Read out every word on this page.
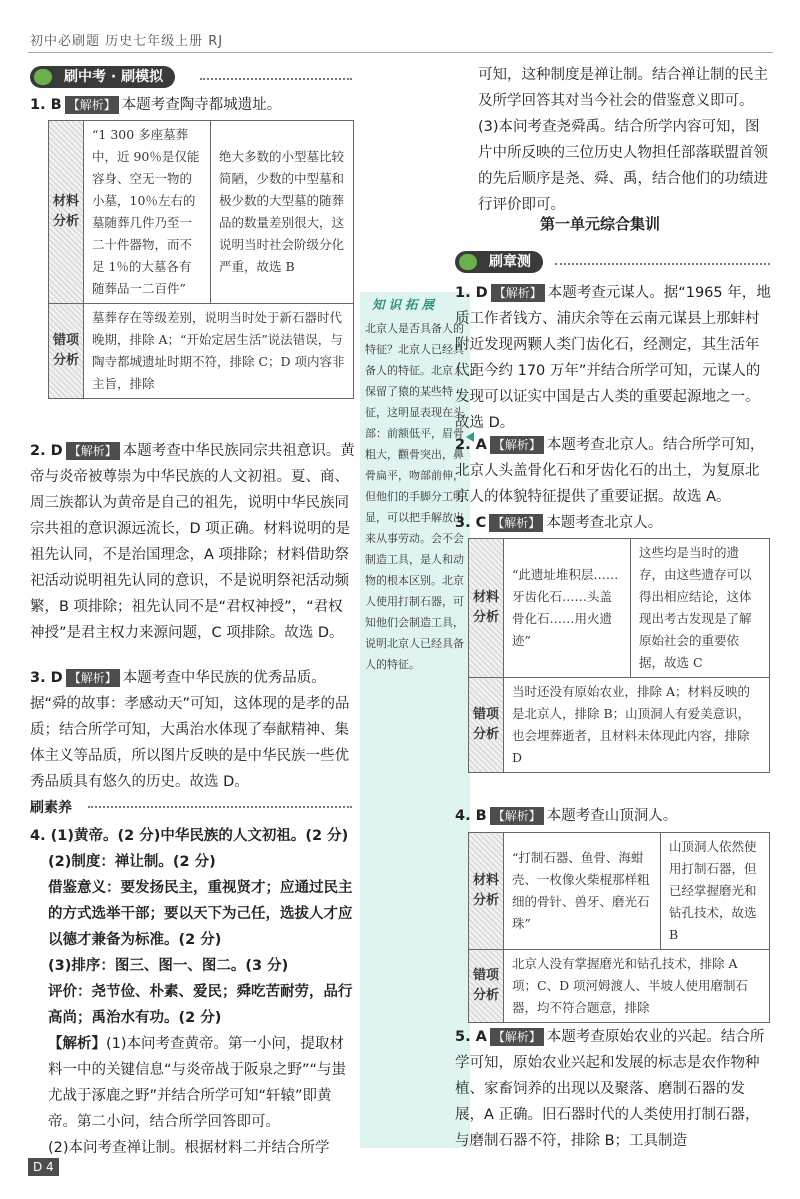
初中必刷题 历史七年级上册 RJ
刷中考 · 刷模拟
1. B 【解析】 本题考查陶寺都城遗址。
材料分析	“1 300 多座墓葬中，近 90％是仅能容身、空无一物的小墓，10％左右的墓随葬几件乃至一二十件器物，而不足 1％的大墓各有随葬品一二百件”	绝大多数的小型墓比较简陋，少数的中型墓和极少数的大型墓的随葬品的数量差别很大，这说明当时社会阶级分化严重，故选 B
错项分析	墓葬存在等级差别，说明当时处于新石器时代晚期，排除 A；“开始定居生活”说法错误，与陶寺都城遗址时期不符，排除 C；D 项内容非主旨，排除	
2. D 【解析】 本题考查中华民族同宗共祖意识。黄帝与炎帝被尊崇为中华民族的人文初祖。夏、商、周三族都认为黄帝是自己的祖先，说明中华民族同宗共祖的意识源远流长，D 项正确。材料说明的是祖先认同，不是治国理念，A 项排除；材料借助祭祀活动说明祖先认同的意识，不是说明祭祀活动频繁，B 项排除；祖先认同不是“君权神授”，“君权神授”是君主权力来源问题，C 项排除。故选 D。
3. D 【解析】 本题考查中华民族的优秀品质。据“舜的故事：孝感动天”可知，这体现的是孝的品质；结合所学可知，大禹治水体现了奉献精神、集体主义等品质，所以图片反映的是中华民族一些优秀品质具有悠久的历史。故选 D。
刷素养
4. (1)黄帝。(2 分)中华民族的人文初祖。(2 分)
(2)制度：禅让制。(2 分)
借鉴意义：要发扬民主，重视贤才；应通过民主的方式选举干部；要以天下为己任，选拔人才应以德才兼备为标准。(2 分)
(3)排序：图三、图一、图二。(3 分)
评价：尧节俭、朴素、爱民；舜吃苦耐劳，品行高尚；禹治水有功。(2 分)
【解析】(1)本问考查黄帝。第一小问，提取材料一中的关键信息“与炎帝战于阪泉之野”“与蚩尤战于涿鹿之野”并结合所学可知“轩辕”即黄帝。第二小问，结合所学回答即可。
(2)本问考查禅让制。根据材料二并结合所学
知识拓展
北京人是否具备人的特征？北京人已经具备人的特征。北京人保留了猿的某些特征，这明显表现在头部：前额低平，眉骨粗大，颧骨突出，鼻骨扁平，吻部前伸，但他们的手脚分工明显，可以把手解放出来从事劳动。会不会制造工具，是人和动物的根本区别。北京人使用打制石器，可知他们会制造工具，说明北京人已经具备人的特征。
可知，这种制度是禅让制。结合禅让制的民主及所学回答其对当今社会的借鉴意义即可。
(3)本问考查尧舜禹。结合所学内容可知，图片中所反映的三位历史人物担任部落联盟首领的先后顺序是尧、舜、禹，结合他们的功绩进行评价即可。
第一单元综合集训
刷章测
1. D 【解析】 本题考查元谋人。据“1965 年，地质工作者钱方、浦庆余等在云南元谋县上那蚌村附近发现两颗人类门齿化石，经测定，其生活年代距今约 170 万年”并结合所学可知，元谋人的发现可以证实中国是古人类的重要起源地之一。故选 D。
2. A 【解析】 本题考查北京人。结合所学可知，北京人头盖骨化石和牙齿化石的出土，为复原北京人的体貌特征提供了重要证据。故选 A。
3. C 【解析】 本题考查北京人。
材料分析	“此遗址堆积层……牙齿化石……头盖骨化石……用火遗迹”	这些均是当时的遗存，由这些遗存可以得出相应结论，这体现出考古发现是了解原始社会的重要依据，故选 C
错项分析	当时还没有原始农业，排除 A；材料反映的是北京人，排除 B；山顶洞人有爱美意识，也会埋葬逝者，且材料未体现此内容，排除 D	
4. B 【解析】 本题考查山顶洞人。
材料分析	“打制石器、鱼骨、海蚶壳、一枚像火柴棍那样粗细的骨针、兽牙、磨光石珠”	山顶洞人依然使用打制石器，但已经掌握磨光和钻孔技术，故选 B
错项分析	北京人没有掌握磨光和钻孔技术，排除 A 项；C、D 项河姆渡人、半坡人使用磨制石器，均不符合题意，排除	
5. A 【解析】 本题考查原始农业的兴起。结合所学可知，原始农业兴起和发展的标志是农作物种植、家畜饲养的出现以及聚落、磨制石器的发展，A 正确。旧石器时代的人类使用打制石器，与磨制石器不符，排除 B；工具制造
D 4
